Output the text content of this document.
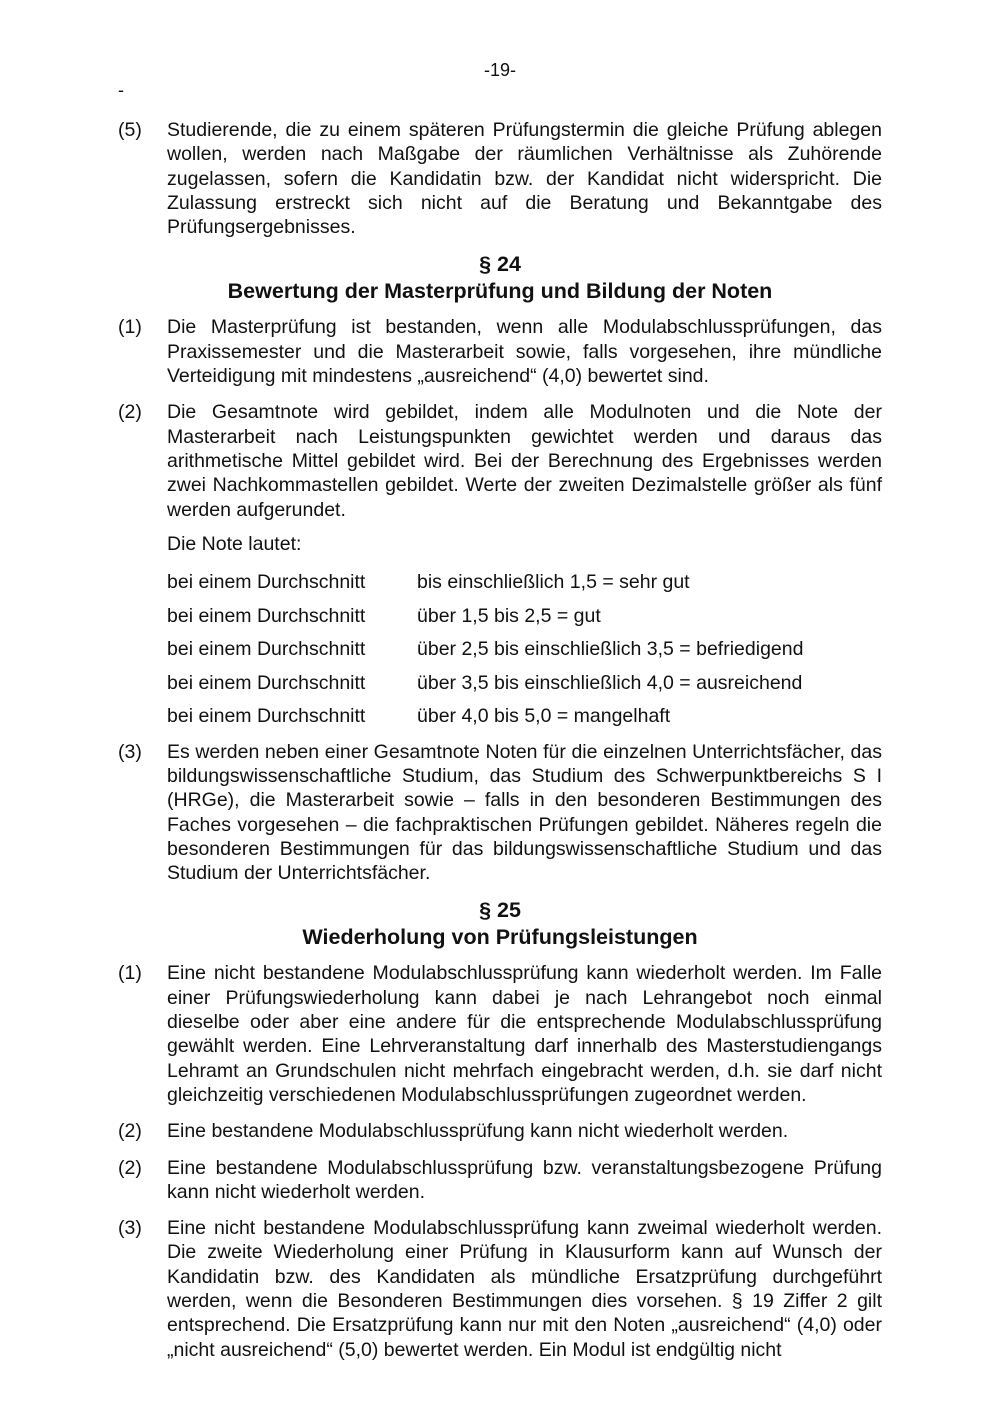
-19-
-
(5) Studierende, die zu einem späteren Prüfungstermin die gleiche Prüfung ablegen wollen, werden nach Maßgabe der räumlichen Verhältnisse als Zuhörende zugelassen, sofern die Kandidatin bzw. der Kandidat nicht widerspricht. Die Zulassung erstreckt sich nicht auf die Beratung und Bekanntgabe des Prüfungsergebnisses.
§ 24
Bewertung der Masterprüfung und Bildung der Noten
(1) Die Masterprüfung ist bestanden, wenn alle Modulabschlussprüfungen, das Praxissemester und die Masterarbeit sowie, falls vorgesehen, ihre mündliche Verteidigung mit mindestens „ausreichend“ (4,0) bewertet sind.
(2) Die Gesamtnote wird gebildet, indem alle Modulnoten und die Note der Masterarbeit nach Leistungspunkten gewichtet werden und daraus das arithmetische Mittel gebildet wird. Bei der Berechnung des Ergebnisses werden zwei Nachkommastellen gebildet. Werte der zweiten Dezimalstelle größer als fünf werden aufgerundet.
Die Note lautet:
bei einem Durchschnitt	bis einschließlich 1,5 = sehr gut
bei einem Durchschnitt	über 1,5 bis 2,5 = gut
bei einem Durchschnitt	über 2,5 bis einschließlich 3,5 = befriedigend
bei einem Durchschnitt	über 3,5 bis einschließlich 4,0 = ausreichend
bei einem Durchschnitt	über 4,0 bis 5,0 = mangelhaft
(3) Es werden neben einer Gesamtnote Noten für die einzelnen Unterrichtsfächer, das bildungswissenschaftliche Studium, das Studium des Schwerpunktbereichs S I (HRGe), die Masterarbeit sowie – falls in den besonderen Bestimmungen des Faches vorgesehen – die fachpraktischen Prüfungen gebildet. Näheres regeln die besonderen Bestimmungen für das bildungswissenschaftliche Studium und das Studium der Unterrichtsfächer.
§ 25
Wiederholung von Prüfungsleistungen
(1) Eine nicht bestandene Modulabschlussprüfung kann wiederholt werden. Im Falle einer Prüfungswiederholung kann dabei je nach Lehrangebot noch einmal dieselbe oder aber eine andere für die entsprechende Modulabschlussprüfung gewählt werden. Eine Lehrveranstaltung darf innerhalb des Masterstudiengangs Lehramt an Grundschulen nicht mehrfach eingebracht werden, d.h. sie darf nicht gleichzeitig verschiedenen Modulabschlussprüfungen zugeordnet werden.
(2) Eine bestandene Modulabschlussprüfung kann nicht wiederholt werden.
(2) Eine bestandene Modulabschlussprüfung bzw. veranstaltungsbezogene Prüfung kann nicht wiederholt werden.
(3) Eine nicht bestandene Modulabschlussprüfung kann zweimal wiederholt werden. Die zweite Wiederholung einer Prüfung in Klausurform kann auf Wunsch der Kandidatin bzw. des Kandidaten als mündliche Ersatzprüfung durchgeführt werden, wenn die Besonderen Bestimmungen dies vorsehen. § 19 Ziffer 2 gilt entsprechend. Die Ersatzprüfung kann nur mit den Noten „ausreichend“ (4,0) oder „nicht ausreichend“ (5,0) bewertet werden. Ein Modul ist endgültig nicht
